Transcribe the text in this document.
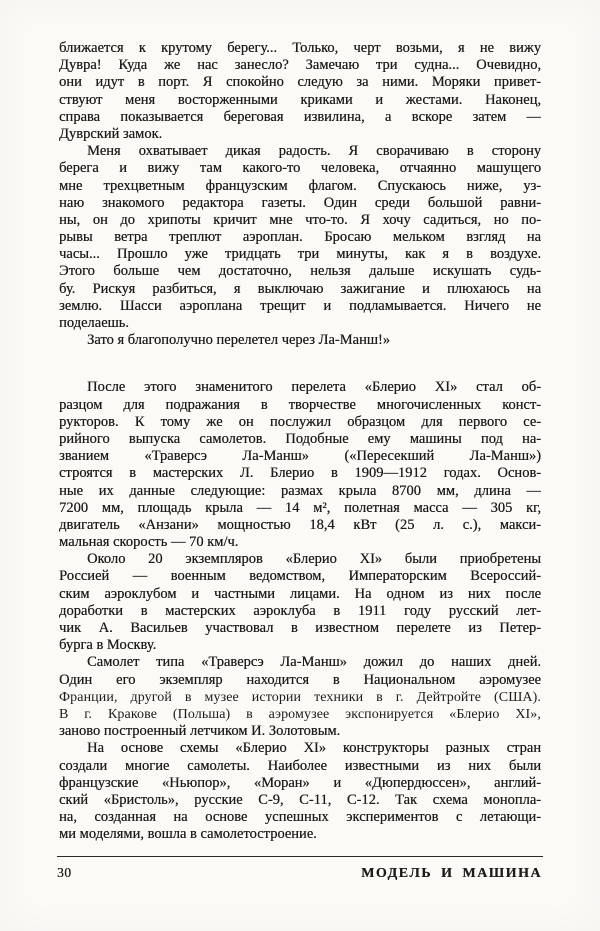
ближается к крутому берегу... Только, черт возьми, я не вижу
Дувра! Куда же нас занесло? Замечаю три судна... Очевидно,
они идут в порт. Я спокойно следую за ними. Моряки привет-
ствуют меня восторженными криками и жестами. Наконец,
справа показывается береговая извилина, а вскоре затем —
Дуврский замок.
Меня охватывает дикая радость. Я сворачиваю в сторону
берега и вижу там какого-то человека, отчаянно машущего
мне трехцветным французским флагом. Спускаюсь ниже, уз-
наю знакомого редактора газеты. Один среди большой равни-
ны, он до хрипоты кричит мне что-то. Я хочу садиться, но по-
рывы ветра треплют аэроплан. Бросаю мельком взгляд на
часы... Прошло уже тридцать три минуты, как я в воздухе.
Этого больше чем достаточно, нельзя дальше искушать судь-
бу. Рискуя разбиться, я выключаю зажигание и плюхаюсь на
землю. Шасси аэроплана трещит и подламывается. Ничего не
поделаешь.
Зато я благополучно перелетел через Ла-Манш!»
После этого знаменитого перелета «Блерио XI» стал об-
разцом для подражания в творчестве многочисленных конст-
рукторов. К тому же он послужил образцом для первого се-
рийного выпуска самолетов. Подобные ему машины под на-
званием «Траверсэ Ла-Манш» («Пересекший Ла-Манш»)
строятся в мастерских Л. Блерио в 1909—1912 годах. Основ-
ные их данные следующие: размах крыла 8700 мм, длина —
7200 мм, площадь крыла — 14 м², полетная масса — 305 кг,
двигатель «Анзани» мощностью 18,4 кВт (25 л. с.), макси-
мальная скорость — 70 км/ч.
Около 20 экземпляров «Блерио XI» были приобретены
Россией — военным ведомством, Императорским Всероссий-
ским аэроклубом и частными лицами. На одном из них после
доработки в мастерских аэроклуба в 1911 году русский лет-
чик А. Васильев участвовал в известном перелете из Петер-
бурга в Москву.
Самолет типа «Траверсэ Ла-Манш» дожил до наших дней.
Один его экземпляр находится в Национальном аэромузее
Франции, другой в музее истории техники в г. Дейтройте (США).
В г. Кракове (Польша) в аэромузее экспонируется «Блерио XI»,
заново построенный летчиком И. Золотовым.
На основе схемы «Блерио XI» конструкторы разных стран
создали многие самолеты. Наиболее известными из них были
французские «Ньюпор», «Моран» и «Дюпердюссен», англий-
ский «Бристоль», русские С-9, С-11, С-12. Так схема монопла-
на, созданная на основе успешных экспериментов с летающи-
ми моделями, вошла в самолетостроение.
30	МОДЕЛЬ И МАШИНА
